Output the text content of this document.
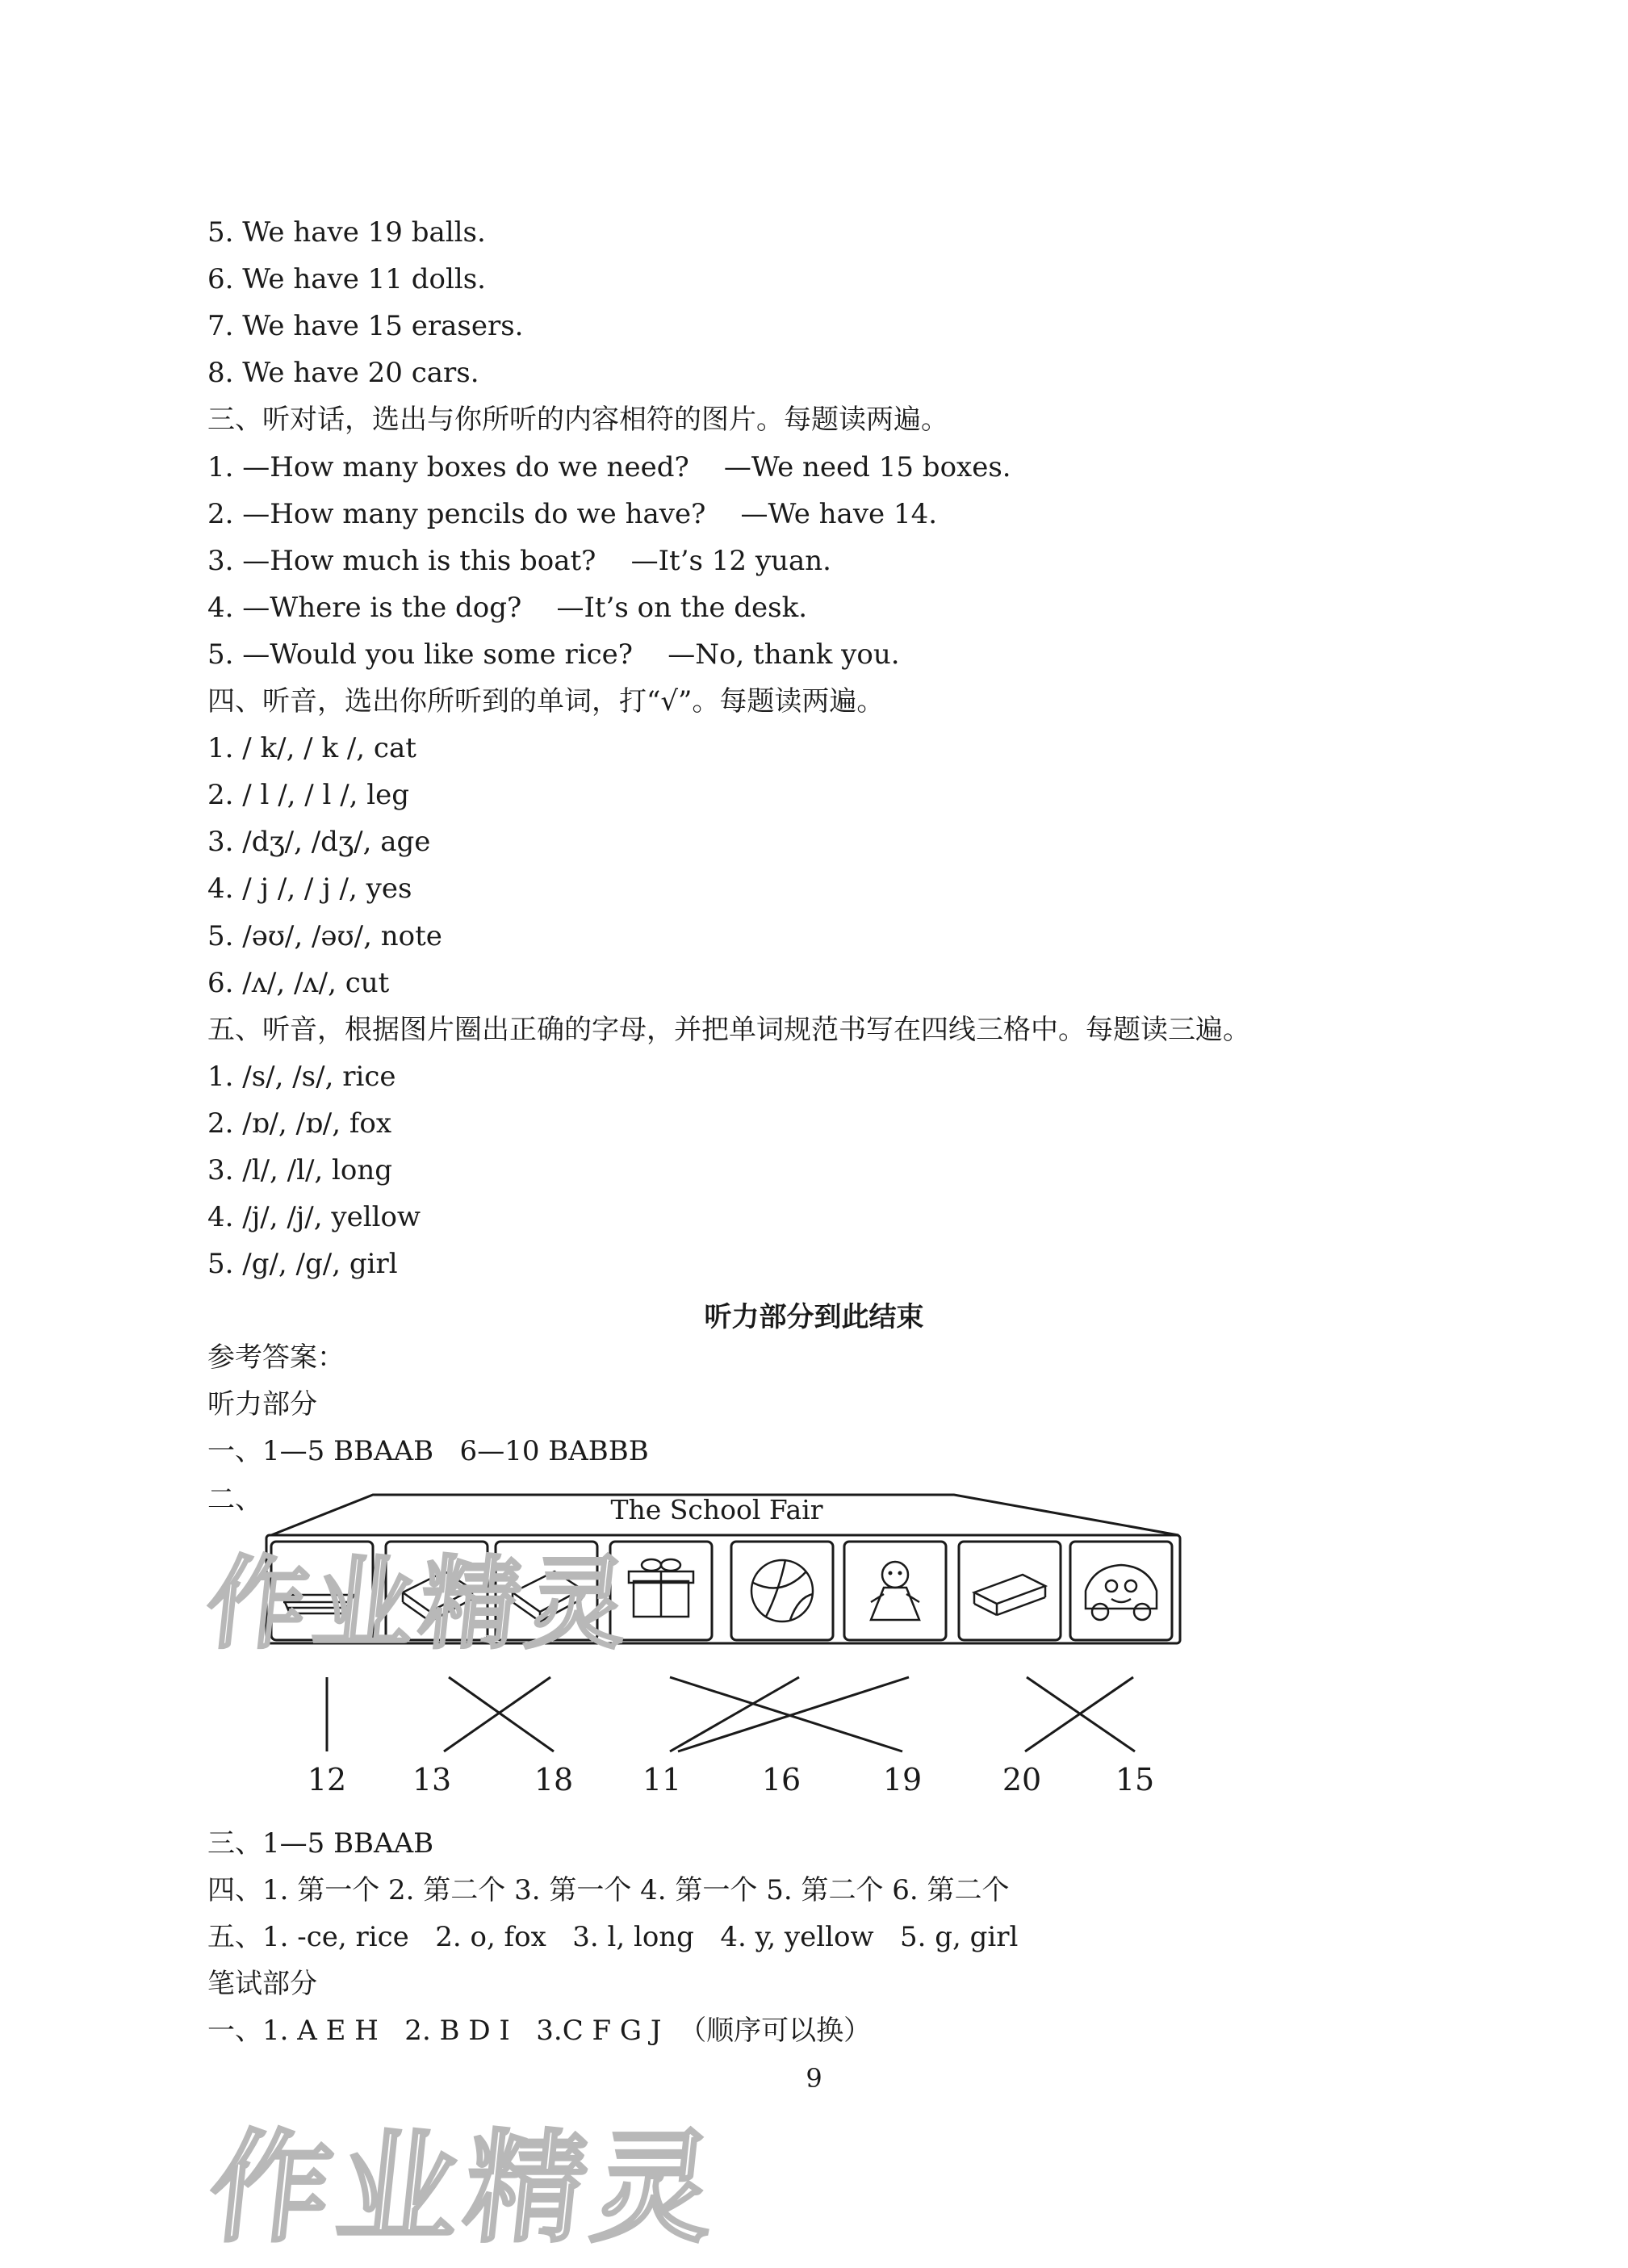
5. We have 19 balls.
6. We have 11 dolls.
7. We have 15 erasers.
8. We have 20 cars.
三、听对话，选出与你所听的内容相符的图片。每题读两遍。
1. —How many boxes do we need?    —We need 15 boxes.
2. —How many pencils do we have?    —We have 14.
3. —How much is this boat?    —It’s 12 yuan.
4. —Where is the dog?    —It’s on the desk.
5. —Would you like some rice?    —No, thank you.
四、听音，选出你所听到的单词，打“√”。每题读两遍。
1. / k/, / k /, cat
2. / l /, / l /, leg
3. /dʒ/, /dʒ/, age
4. / j /, / j /, yes
5. /əʊ/, /əʊ/, note
6. /ʌ/, /ʌ/, cut
五、听音，根据图片圈出正确的字母，并把单词规范书写在四线三格中。每题读三遍。
1. /s/, /s/, rice
2. /ɒ/, /ɒ/, fox
3. /l/, /l/, long
4. /j/, /j/, yellow
5. /g/, /g/, girl
听力部分到此结束
参考答案：
听力部分
一、1—5 BBAAB   6—10 BABBB
二、	The School Fair
12 13	18 11	16	19	20 15
三、1—5 BBAAB
四、1. 第一个 2. 第二个 3. 第一个 4. 第一个 5. 第二个 6. 第二个
五、1. -ce, rice   2. o, fox   3. l, long   4. y, yellow   5. g, girl
笔试部分
一、1. A E H   2. B D I   3.C F G J  （顺序可以换）
9
作业精灵
作业精灵
